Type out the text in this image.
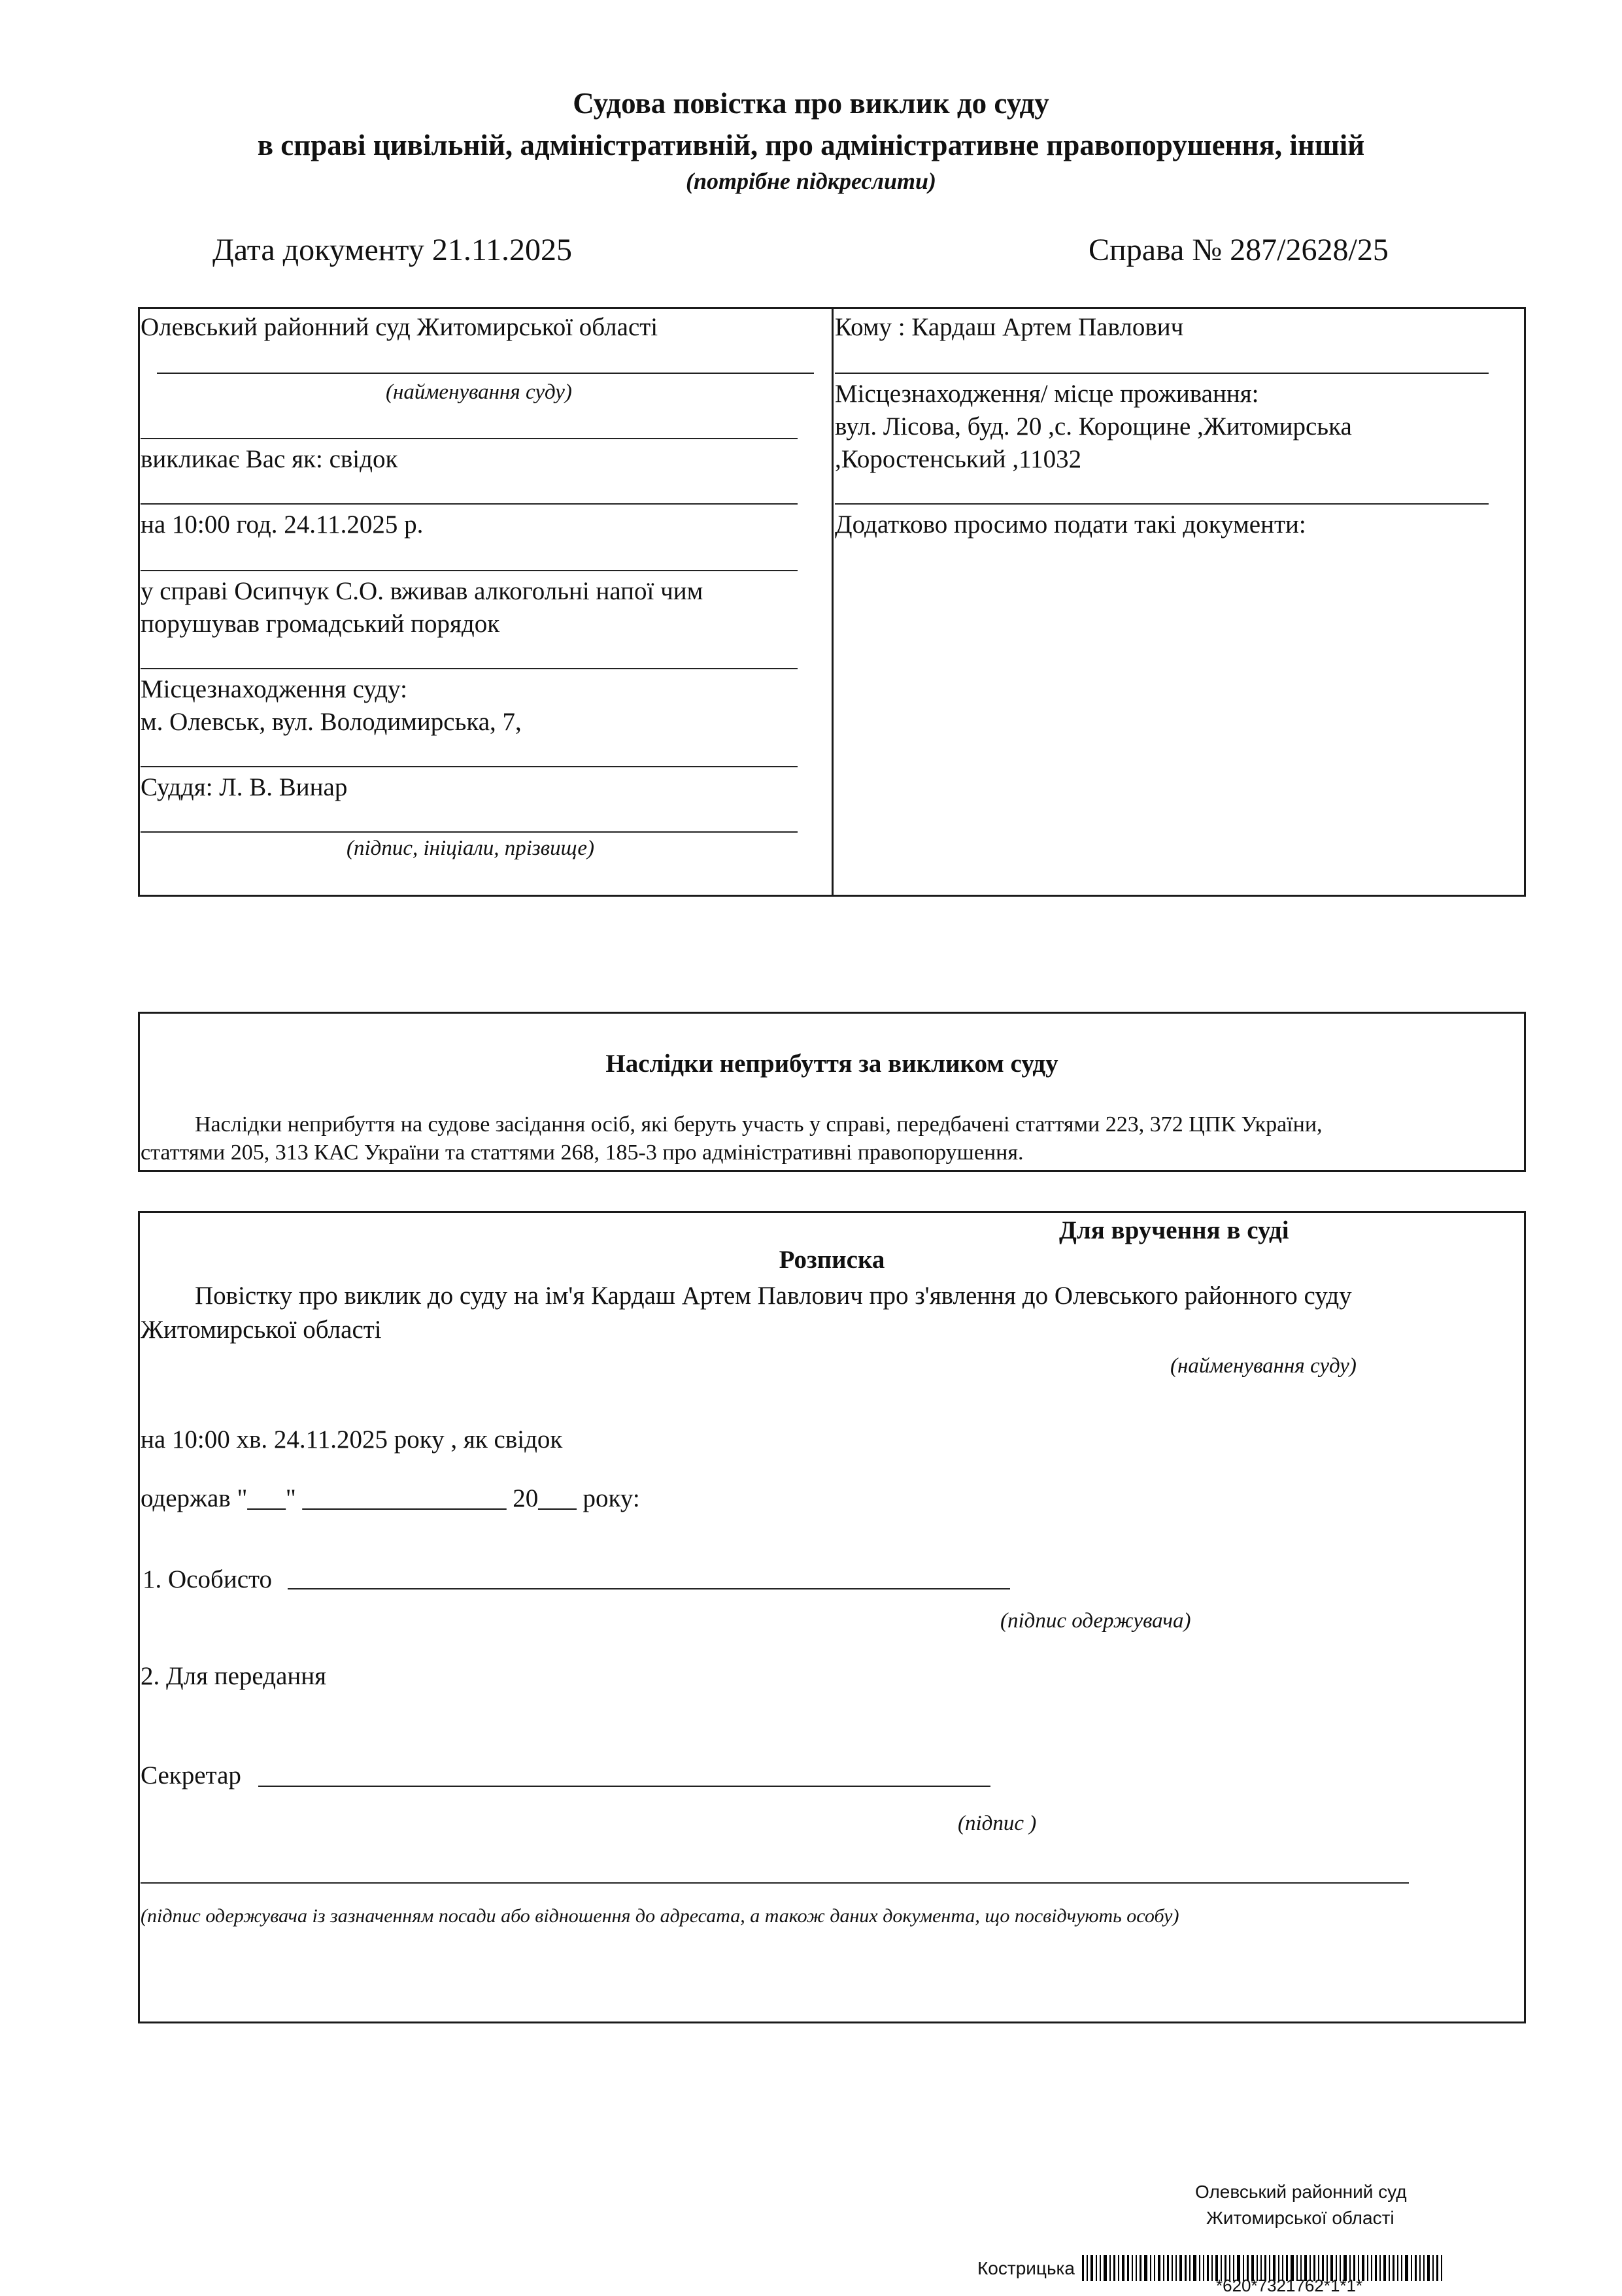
Судова повістка про виклик до суду
в справі цивільній, адміністративній, про адміністративне правопорушення, іншій
(потрібне підкреслити)
Дата документу 21.11.2025	Справа № 287/2628/25
Олевський районний суд Житомирської області
(найменування суду)
викликає Вас як: свідок
на 10:00 год. 24.11.2025 р.
у справі Осипчук С.О. вживав алкогольні напої чим
порушував громадський порядок
Місцезнаходження суду:
м. Олевськ, вул. Володимирська, 7,
Суддя: Л. В. Винар
(підпис, ініціали, прізвище)
Кому : Кардаш Артем Павлович
Місцезнаходження/ місце проживання:
вул. Лісова, буд. 20 ,с. Корощине ,Житомирська
,Коростенський ,11032
Додатково просимо подати такі документи:
Наслідки неприбуття за викликом суду
Наслідки неприбуття на судове засідання осіб, які беруть участь у справі, передбачені статтями 223, 372 ЦПК України,
статтями 205, 313 КАС України та статтями 268, 185-3 про адміністративні правопорушення.
Для вручення в суді
Розписка
Повістку про виклик до суду на ім'я Кардаш Артем Павлович про з'явлення до Олевського районного суду
Житомирської області
(найменування суду)
на 10:00 хв. 24.11.2025 року , як свідок
одержав "___" ________________ 20___ року:
1. Особисто
(підпис одержувача)
2. Для передання
Секретар
(підпис )
(підпис одержувача із зазначенням посади або відношення до адресата, а також даних документа, що посвідчують особу)
Олевський районний суд
Житомирської області
Кострицька
*620*7321762*1*1*
